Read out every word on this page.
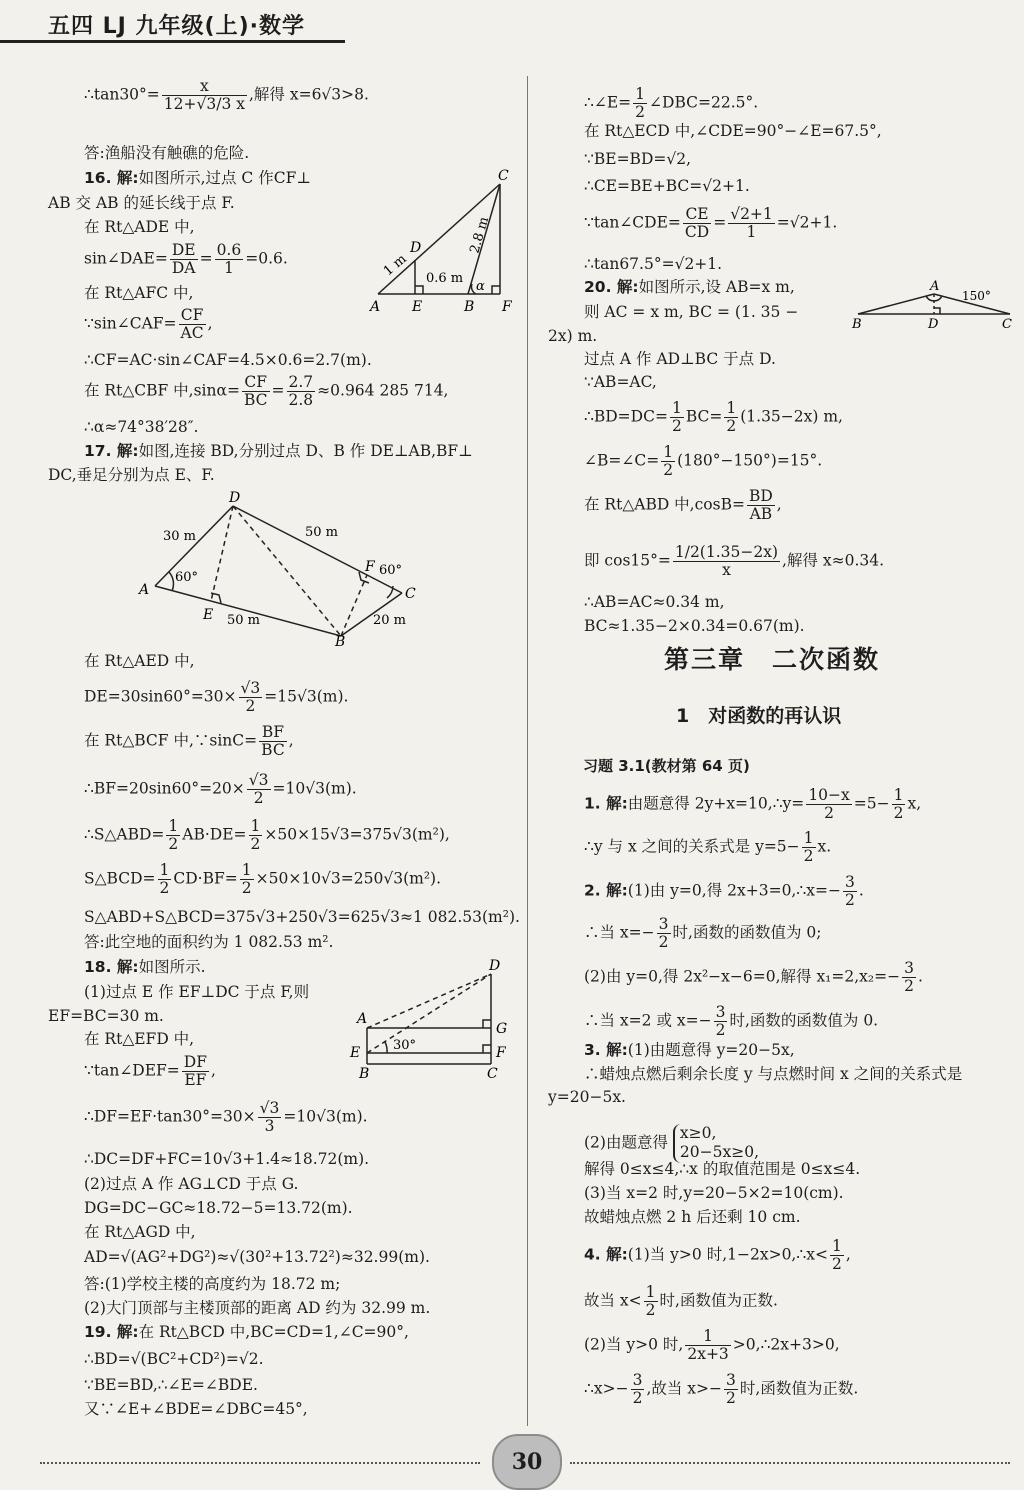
五四 LJ 九年级(上)·数学
∴tan30°= $\frac{x}{12+√3/3 x}$ ,解得 x=6√3>8.
答:渔船没有触礁的危险.
16. 解:如图所示,过点 C 作CF⊥
AB 交 AB 的延长线于点 F.
在 Rt△ADE 中,
sin∠DAE= $\frac{DE}{DA} = \frac{0.6}{1} =0.6$.
在 Rt△AFC 中,
∵sin∠CAF= $\frac{CF}{AC}$ ,
∴CF=AC·sin∠CAF=4.5×0.6=2.7(m).
在 Rt△CBF 中$,\sin\alpha= \frac{CF}{BC} = \frac{2.7}{2.8} \approx 0.964$ 285 714,
∴α≈74°38′28″.
17. 解:如图,连接 BD,分别过点 D、B 作 DE⊥AB,BF⊥
DC,垂足分别为点 E、F.
在 Rt△AED 中,
$DE=30\sin 60^\circ=30\times \frac{√3}{2} =15√3(m)$.
在 Rt△BCF 中,∵sinC= $\frac{BF}{BC}$ ,
∴BF=20sin60°=20× $\frac{√3}{2} =10√3(m)$.
∴S△ABD= $\frac{1}{2} AB\cdot DE= \frac{1}{2} \times 50\times 15√3=375√3(m^2)$,
S△BCD= $\frac{1}{2} CD\cdot BF= \frac{1}{2} \times 50\times 10√3=250√3(m^2)$.
S△ABD+S△BCD=375√3+250√3=625√3≈1 082.53(m²).
答:此空地的面积约为 1 082.53 m².
18. 解:如图所示.
(1)过点 E 作 EF⊥DC 于点 F,则
EF=BC=30 m.
在 Rt△EFD 中,
∵tan∠DEF= $\frac{DF}{EF}$ ,
∴DF=EF·tan30°=30× $\frac{√3}{3} =10√3(m)$.
∴DC=DF+FC=10√3+1.4≈18.72(m).
(2)过点 A 作 AG⊥CD 于点 G.
DG=DC−GC≈18.72−5=13.72(m).
在 Rt△AGD 中,
AD=√(AG²+DG²)≈√(30²+13.72²)≈32.99(m).
答:(1)学校主楼的高度约为 18.72 m;
(2)大门顶部与主楼顶部的距离 AD 约为 32.99 m.
19. 解:在 Rt△BCD 中,BC=CD=1,∠C=90°,
∴BD=√(BC²+CD²)=√2.
∵BE=BD,∴∠E=∠BDE.
又∵∠E+∠BDE=∠DBC=45°,
C
D
A E	B F
α
1 m 0.6 m
2.8 m
D
A
E
B
F
C
30 m	50 m
50 m	20 m
60°	60°
D
A
G
E	F
B	C
30°
∴∠E= $\frac{1}{2}$ ∠DBC=22.5°.
在 Rt△ECD 中,∠CDE=90°−∠E=67.5°,
∵BE=BD=√2,
∴CE=BE+BC=√2+1.
∵tan∠CDE= $\frac{CE}{CD} = \frac{√2+1}{1} =√2+1$.
∴tan67.5°=√2+1.
20. 解:如图所示,设 AB=x m,
则 AC = x m, BC = (1. 35 −
2x) m.
过点 A 作 AD⊥BC 于点 D.
∵AB=AC,
∴BD=DC= $\frac{1}{2} BC= \frac{1}{2} (1.35-2x)$ m,
∠B=∠C= $\frac{1}{2} (180^\circ-150^\circ)=15^\circ$.
在 Rt△ABD 中$,\cos B= \frac{BD}{AB}$ ,
即 $\cos 15^\circ= \frac{1/2(1.35-2x)}{x}$ ,解得 x≈0.34.
∴AB=AC≈0.34 m,
BC≈1.35−2×0.34=0.67(m).
1. 解:由题意得 2y+x=10,∴y= $\frac{10-x}{2} =5- \frac{1}{2} x$,
∴y 与 x 之间的关系式是 $y=5- \frac{1}{2} x$.
2. 解:(1)由 y=0,得 2x+3=0,∴x=− $\frac{3}{2}$ .
∴当 $x=- \frac{3}{2}$ 时,函数的函数值为 0;
(2)由 y=0,得 2x²−x−6=0,解得 $x_1=2,x_2=- \frac{3}{2}$ .
∴当 x=2 或 $x=- \frac{3}{2}$ 时,函数的函数值为 0.
3. 解:(1)由题意得 y=20−5x,
∴蜡烛点燃后剩余长度 y 与点燃时间 x 之间的关系式是
y=20−5x.
(2)由题意得
x≥0,
20−5x≥0,
解得 0≤x≤4,∴x 的取值范围是 0≤x≤4.
(3)当 x=2 时,y=20−5×2=10(cm).
故蜡烛点燃 2 h 后还剩 10 cm.
4. 解:(1)当 y>0 时,1−2x>0,∴x< $\frac{1}{2}$ ,
故当 $x< \frac{1}{2}$ 时,函数值为正数.
(2)当 y>0 时, $\frac{1}{2x+3}$ >0,∴2x+3>0,
∴x>− $\frac{3}{2}$ ,故当 $x>- \frac{3}{2}$ 时,函数值为正数.
第三章　二次函数
1　对函数的再认识
习题 3.1(教材第 64 页)
A
B	D	C
150°
30
